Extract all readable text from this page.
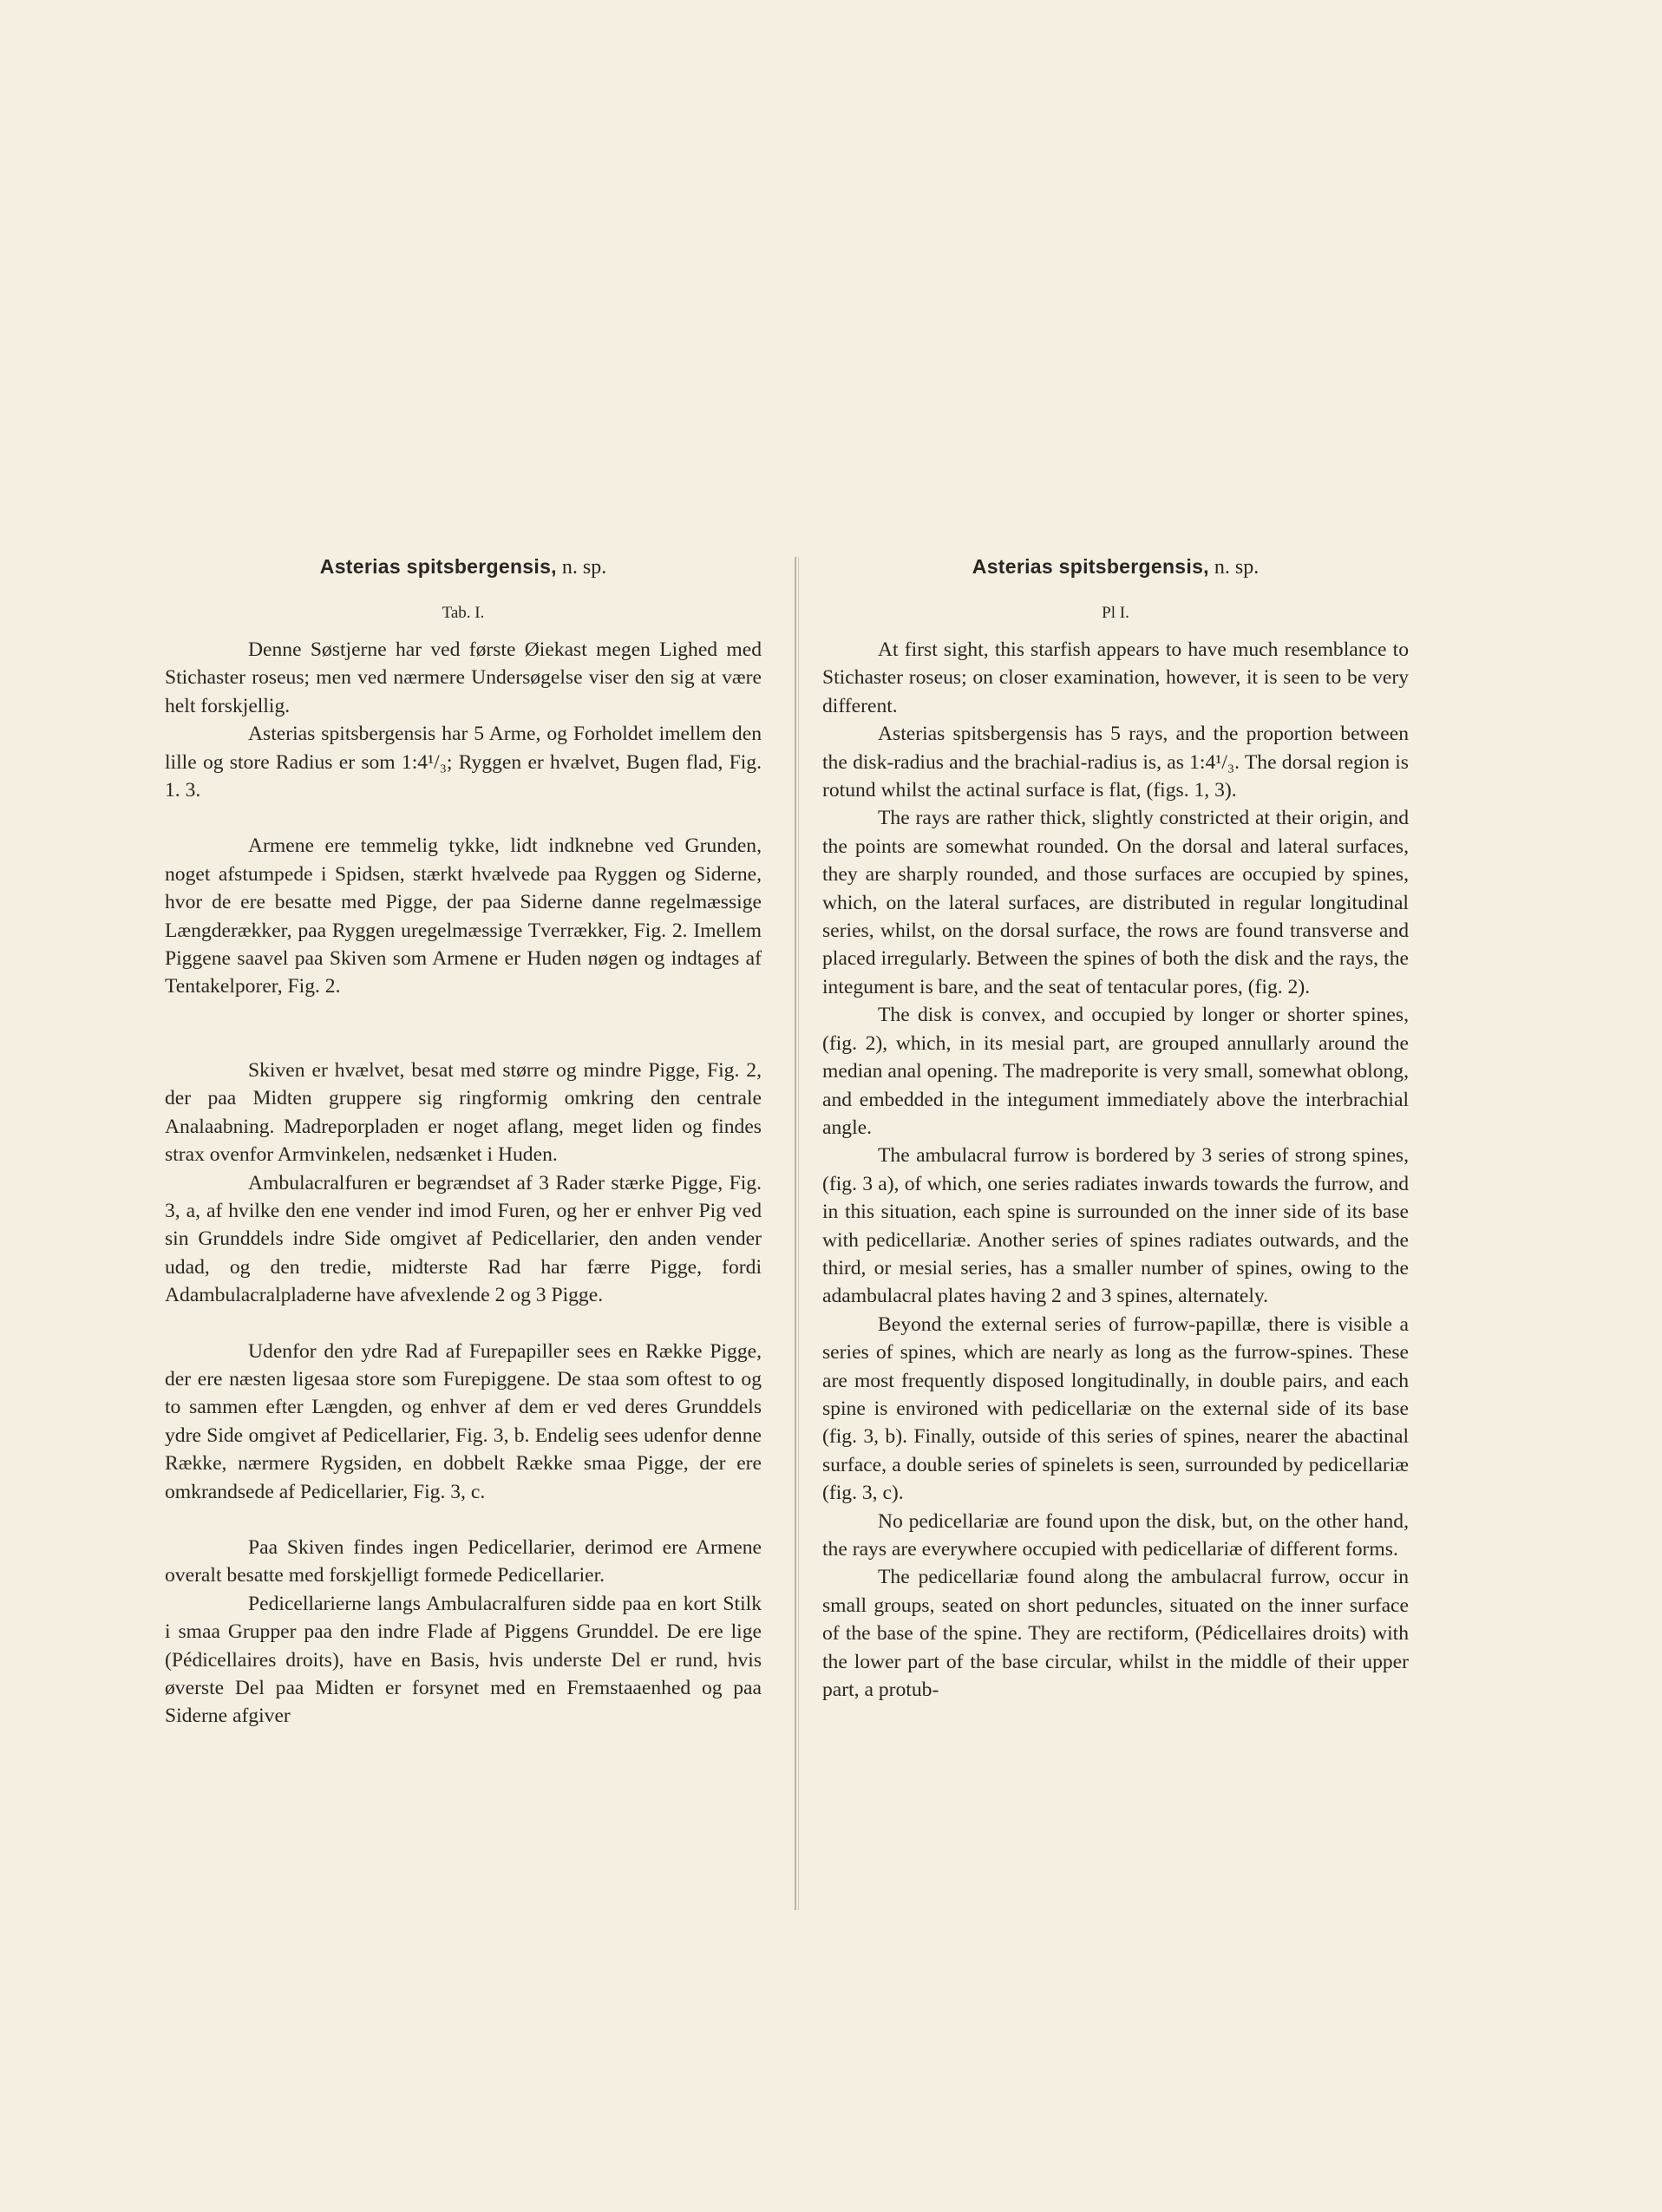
Asterias spitsbergensis, n. sp.
Tab. I.

Denne Søstjerne har ved første Øiekast megen Lighed med Stichaster roseus; men ved nærmere Undersøgelse viser den sig at være helt forskjellig.

Asterias spitsbergensis har 5 Arme, og Forholdet imellem den lille og store Radius er som 1:4¹/₃; Ryggen er hvælvet, Bugen flad, Fig. 1. 3.

Armene ere temmelig tykke, lidt indknebne ved Grunden, noget afstumpede i Spidsen, stærkt hvælvede paa Ryggen og Siderne, hvor de ere besatte med Pigge, der paa Siderne danne regelmæssige Længderækker, paa Ryggen uregelmæssige Tverrækker, Fig. 2. Imellem Piggene saavel paa Skiven som Armene er Huden nøgen og indtages af Tentakelporer, Fig. 2.

Skiven er hvælvet, besat med større og mindre Pigge, Fig. 2, der paa Midten gruppere sig ringformig omkring den centrale Analaabning. Madreporpladen er noget aflang, meget liden og findes strax ovenfor Armvinkelen, nedsænket i Huden.

Ambulacralfuren er begrændset af 3 Rader stærke Pigge, Fig. 3, a, af hvilke den ene vender ind imod Furen, og her er enhver Pig ved sin Grunddels indre Side omgivet af Pedicellarier, den anden vender udad, og den tredie, midterste Rad har færre Pigge, fordi Adambulacralpladerne have afvexlende 2 og 3 Pigge.

Udenfor den ydre Rad af Furepapiller sees en Række Pigge, der ere næsten ligesaa store som Furepiggene. De staa som oftest to og to sammen efter Længden, og enhver af dem er ved deres Grunddels ydre Side omgivet af Pedicellarier, Fig. 3, b. Endelig sees udenfor denne Række, nærmere Rygsiden, en dobbelt Række smaa Pigge, der ere omkrandsede af Pedicellarier, Fig. 3, c.

Paa Skiven findes ingen Pedicellarier, derimod ere Armene overalt besatte med forskjelligt formede Pedicellarier.

Pedicellarierne langs Ambulacralfuren sidde paa en kort Stilk i smaa Grupper paa den indre Flade af Piggens Grunddel. De ere lige (Pédicellaires droits), have en Basis, hvis underste Del er rund, hvis øverste Del paa Midten er forsynet med en Fremstaaenhed og paa Siderne afgiver

Asterias spitsbergensis, n. sp.
Pl I.

At first sight, this starfish appears to have much resemblance to Stichaster roseus; on closer examination, however, it is seen to be very different.

Asterias spitsbergensis has 5 rays, and the proportion between the disk-radius and the brachial-radius is, as 1:4¹/₃. The dorsal region is rotund whilst the actinal surface is flat, (figs. 1, 3).

The rays are rather thick, slightly constricted at their origin, and the points are somewhat rounded. On the dorsal and lateral surfaces, they are sharply rounded, and those surfaces are occupied by spines, which, on the lateral surfaces, are distributed in regular longitudinal series, whilst, on the dorsal surface, the rows are found transverse and placed irregularly. Between the spines of both the disk and the rays, the integument is bare, and the seat of tentacular pores, (fig. 2).

The disk is convex, and occupied by longer or shorter spines, (fig. 2), which, in its mesial part, are grouped annullarly around the median anal opening. The madreporite is very small, somewhat oblong, and embedded in the integument immediately above the interbrachial angle.

The ambulacral furrow is bordered by 3 series of strong spines, (fig. 3 a), of which, one series radiates inwards towards the furrow, and in this situation, each spine is surrounded on the inner side of its base with pedicellariæ. Another series of spines radiates outwards, and the third, or mesial series, has a smaller number of spines, owing to the adambulacral plates having 2 and 3 spines, alternately.

Beyond the external series of furrow-papillæ, there is visible a series of spines, which are nearly as long as the furrow-spines. These are most frequently disposed longitudinally, in double pairs, and each spine is environed with pedicellariæ on the external side of its base (fig. 3, b). Finally, outside of this series of spines, nearer the abactinal surface, a double series of spinelets is seen, surrounded by pedicellariæ (fig. 3, c).

No pedicellariæ are found upon the disk, but, on the other hand, the rays are everywhere occupied with pedicellariæ of different forms.

The pedicellariæ found along the ambulacral furrow, occur in small groups, seated on short peduncles, situated on the inner surface of the base of the spine. They are rectiform, (Pédicellaires droits) with the lower part of the base circular, whilst in the middle of their upper part, a protub-
